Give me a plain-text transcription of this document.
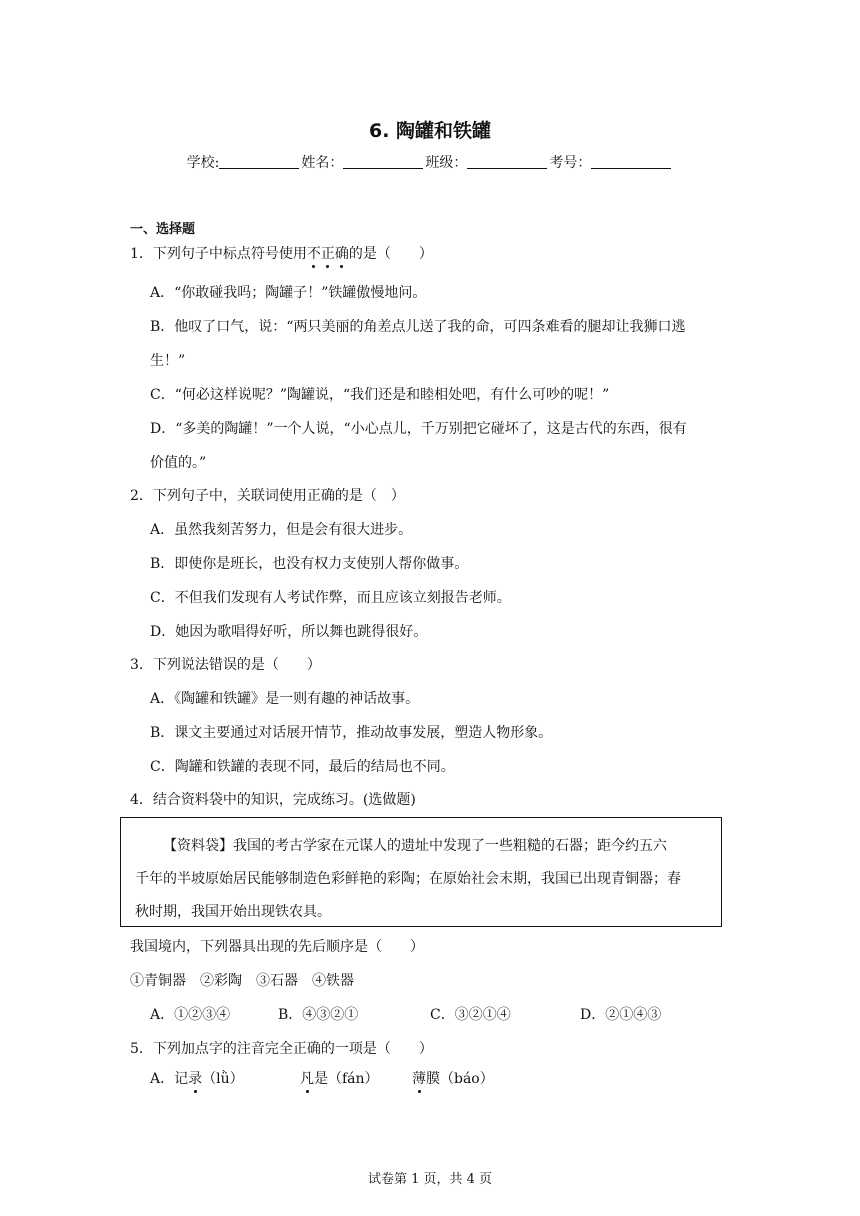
6. 陶罐和铁罐
学校:	姓名：	班级：	考号：
一、选择题
1．下列句子中标点符号使用不正确的是（　　）
A．“你敢碰我吗；陶罐子！”铁罐傲慢地问。
B．他叹了口气，说：“两只美丽的角差点儿送了我的命，可四条难看的腿却让我狮口逃
生！”
C．“何必这样说呢？”陶罐说，“我们还是和睦相处吧，有什么可吵的呢！”
D．“多美的陶罐！”一个人说，“小心点儿，千万别把它碰坏了，这是古代的东西，很有
价值的。”
2．下列句子中，关联词使用正确的是（　）
A．虽然我刻苦努力，但是会有很大进步。
B．即使你是班长，也没有权力支使别人帮你做事。
C．不但我们发现有人考试作弊，而且应该立刻报告老师。
D．她因为歌唱得好听，所以舞也跳得很好。
3．下列说法错误的是（　　）
A．《陶罐和铁罐》是一则有趣的神话故事。
B．课文主要通过对话展开情节，推动故事发展，塑造人物形象。
C．陶罐和铁罐的表现不同，最后的结局也不同。
4．结合资料袋中的知识，完成练习。(选做题)
【资料袋】我国的考古学家在元谋人的遗址中发现了一些粗糙的石器；距今约五六
千年的半坡原始居民能够制造色彩鲜艳的彩陶；在原始社会末期，我国已出现青铜器；春
秋时期，我国开始出现铁农具。
我国境内，下列器具出现的先后顺序是（　　）
①青铜器　②彩陶　③石器　④铁器
A．①②③④	B．④③②①	C．③②①④	D．②①④③
5．下列加点字的注音完全正确的一项是（　　）
A．记录（lǜ）	凡是（fán） 薄膜（báo）
试卷第 1 页，共 4 页
